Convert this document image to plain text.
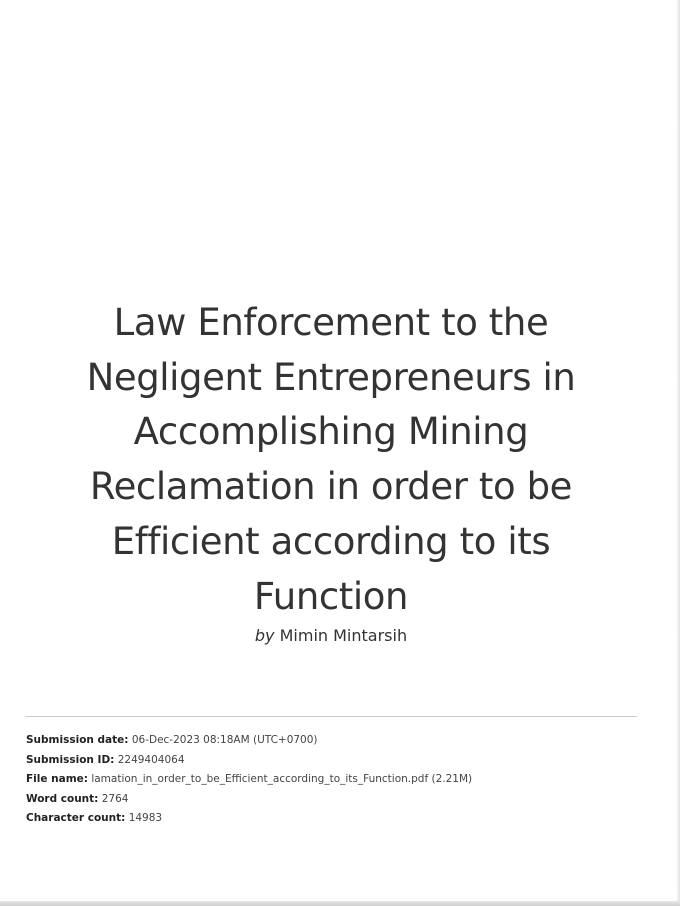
Law Enforcement to the Negligent Entrepreneurs in Accomplishing Mining Reclamation in order to be Efficient according to its Function
by Mimin Mintarsih
Submission date: 06-Dec-2023 08:18AM (UTC+0700)
Submission ID: 2249404064
File name: lamation_in_order_to_be_Efficient_according_to_its_Function.pdf (2.21M)
Word count: 2764
Character count: 14983
